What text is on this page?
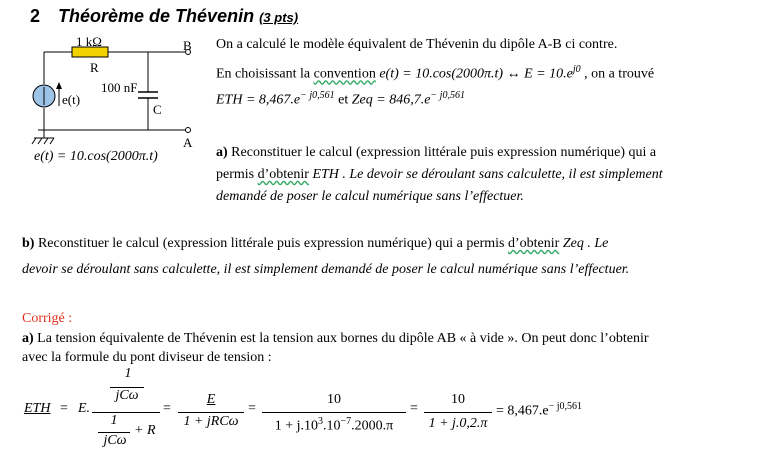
2 Théorème de Thévenin (3 pts)
1 kΩ
R
100 nF
C
B
A
e(t)
e(t) = 10.cos(2000π.t)
On a calculé le modèle équivalent de Thévenin du dipôle A-B ci contre.
En choisissant la convention e(t) = 10.cos(2000π.t) ↔ $E = 10.e^{j0}$ , on a trouvé
ETH = $8,467.e^{- j0,561}$ et Zeq = $846,7.e^{- j0,561}$
a) Reconstituer le calcul (expression littérale puis expression numérique) qui a
permis d’obtenir ETH . Le devoir se déroulant sans calculette, il est simplement
demandé de poser le calcul numérique sans l’effectuer.
b) Reconstituer le calcul (expression littérale puis expression numérique) qui a permis d’obtenir Zeq . Le
devoir se déroulant sans calculette, il est simplement demandé de poser le calcul numérique sans l’effectuer.
Corrigé :
a) La tension équivalente de Thévenin est la tension aux bornes du dipôle AB « à vide ». On peut donc l’obtenir
avec la formule du pont diviseur de tension :
ETH = E.
1
jCω
1
jCω
+ R
=
E
1 + jRCω
=
10
$1 + j.10^3.10^{-7}.2000.\pi$
=
10
1 + j.0,2.π
= $8,467.e^{- j0,561}$
